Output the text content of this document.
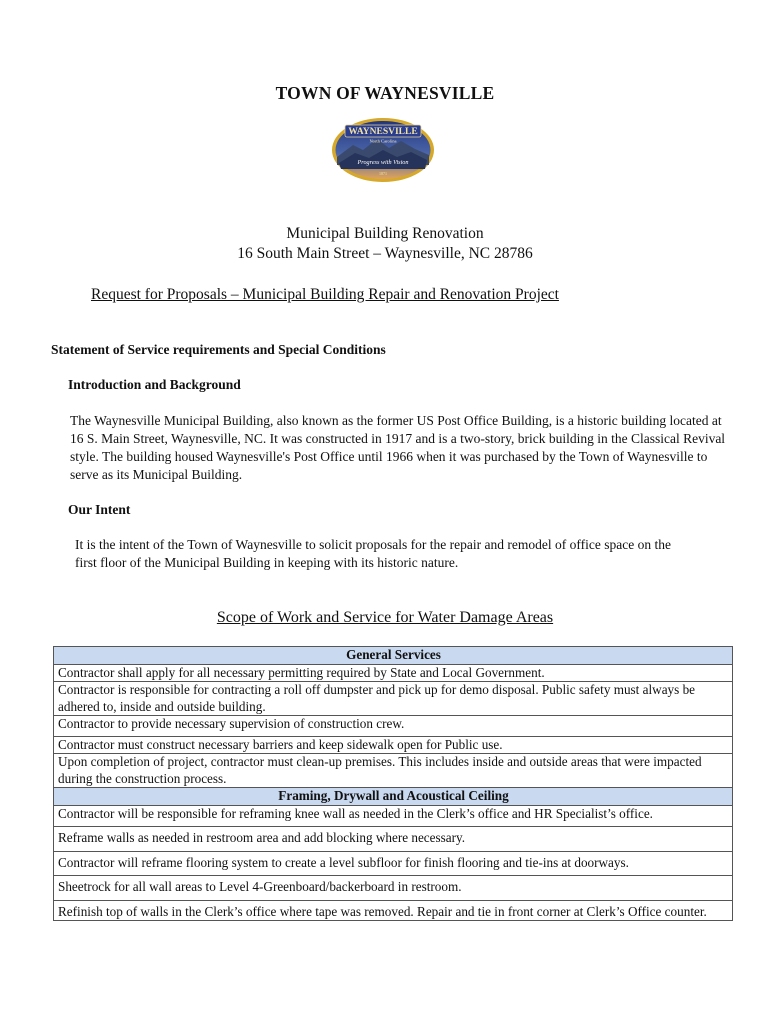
TOWN OF WAYNESVILLE
WAYNESVILLE
North Carolina
Progress with Vision
1871
Municipal Building Renovation
16 South Main Street – Waynesville, NC 28786
Request for Proposals – Municipal Building Repair and Renovation Project
Statement of Service requirements and Special Conditions
Introduction and Background
The Waynesville Municipal Building, also known as the former US Post Office Building, is a historic building located at 16 S. Main Street, Waynesville, NC. It was constructed in 1917 and is a two-story, brick building in the Classical Revival style. The building housed Waynesville's Post Office until 1966 when it was purchased by the Town of Waynesville to serve as its Municipal Building.
Our Intent
It is the intent of the Town of Waynesville to solicit proposals for the repair and remodel of office space on the first floor of the Municipal Building in keeping with its historic nature.
Scope of Work and Service for Water Damage Areas
General Services
Contractor shall apply for all necessary permitting required by State and Local Government.
Contractor is responsible for contracting a roll off dumpster and pick up for demo disposal. Public safety must always be adhered to, inside and outside building.
Contractor to provide necessary supervision of construction crew.
Contractor must construct necessary barriers and keep sidewalk open for Public use.
Upon completion of project, contractor must clean-up premises. This includes inside and outside areas that were impacted during the construction process.
Framing, Drywall and Acoustical Ceiling
Contractor will be responsible for reframing knee wall as needed in the Clerk’s office and HR Specialist’s office.
Reframe walls as needed in restroom area and add blocking where necessary.
Contractor will reframe flooring system to create a level subfloor for finish flooring and tie-ins at doorways.
Sheetrock for all wall areas to Level 4-Greenboard/backerboard in restroom.
Refinish top of walls in the Clerk’s office where tape was removed. Repair and tie in front corner at Clerk’s Office counter.
